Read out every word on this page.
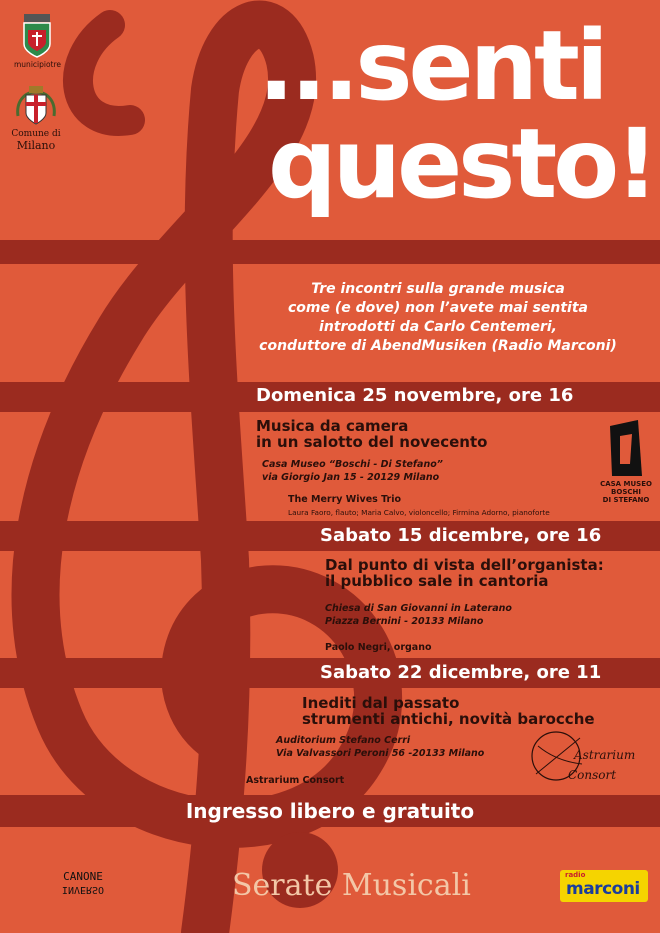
municipiotre
Comune di
Milano
...senti
questo!
Tre incontri sulla grande musica
come (e dove) non l’avete mai sentita
introdotti da Carlo Centemeri,
conduttore di AbendMusiken (Radio Marconi)
Domenica 25 novembre, ore 16
Musica da camera
in un salotto del novecento
Casa Museo “Boschi - Di Stefano”
via Giorgio Jan 15 - 20129 Milano
The Merry Wives Trio
Laura Faoro, flauto; Maria Calvo, violoncello; Firmina Adorno, pianoforte
Sabato 15 dicembre, ore 16
Dal punto di vista dell’organista:
il pubblico sale in cantoria
Chiesa di San Giovanni in Laterano
Piazza Bernini - 20133 Milano
Paolo Negri, organo
Sabato 22 dicembre, ore 11
Inediti dal passato
strumenti antichi, novità barocche
Auditorium Stefano Cerri
Via Valvassori Peroni 56 -20133 Milano
Astrarium Consort
CASA MUSEO
BOSCHI
DI STEFANO
Astrarium
Consort
Ingresso libero e gratuito
CANONE
INVERSO	Serate Musicali	radio
marconi
